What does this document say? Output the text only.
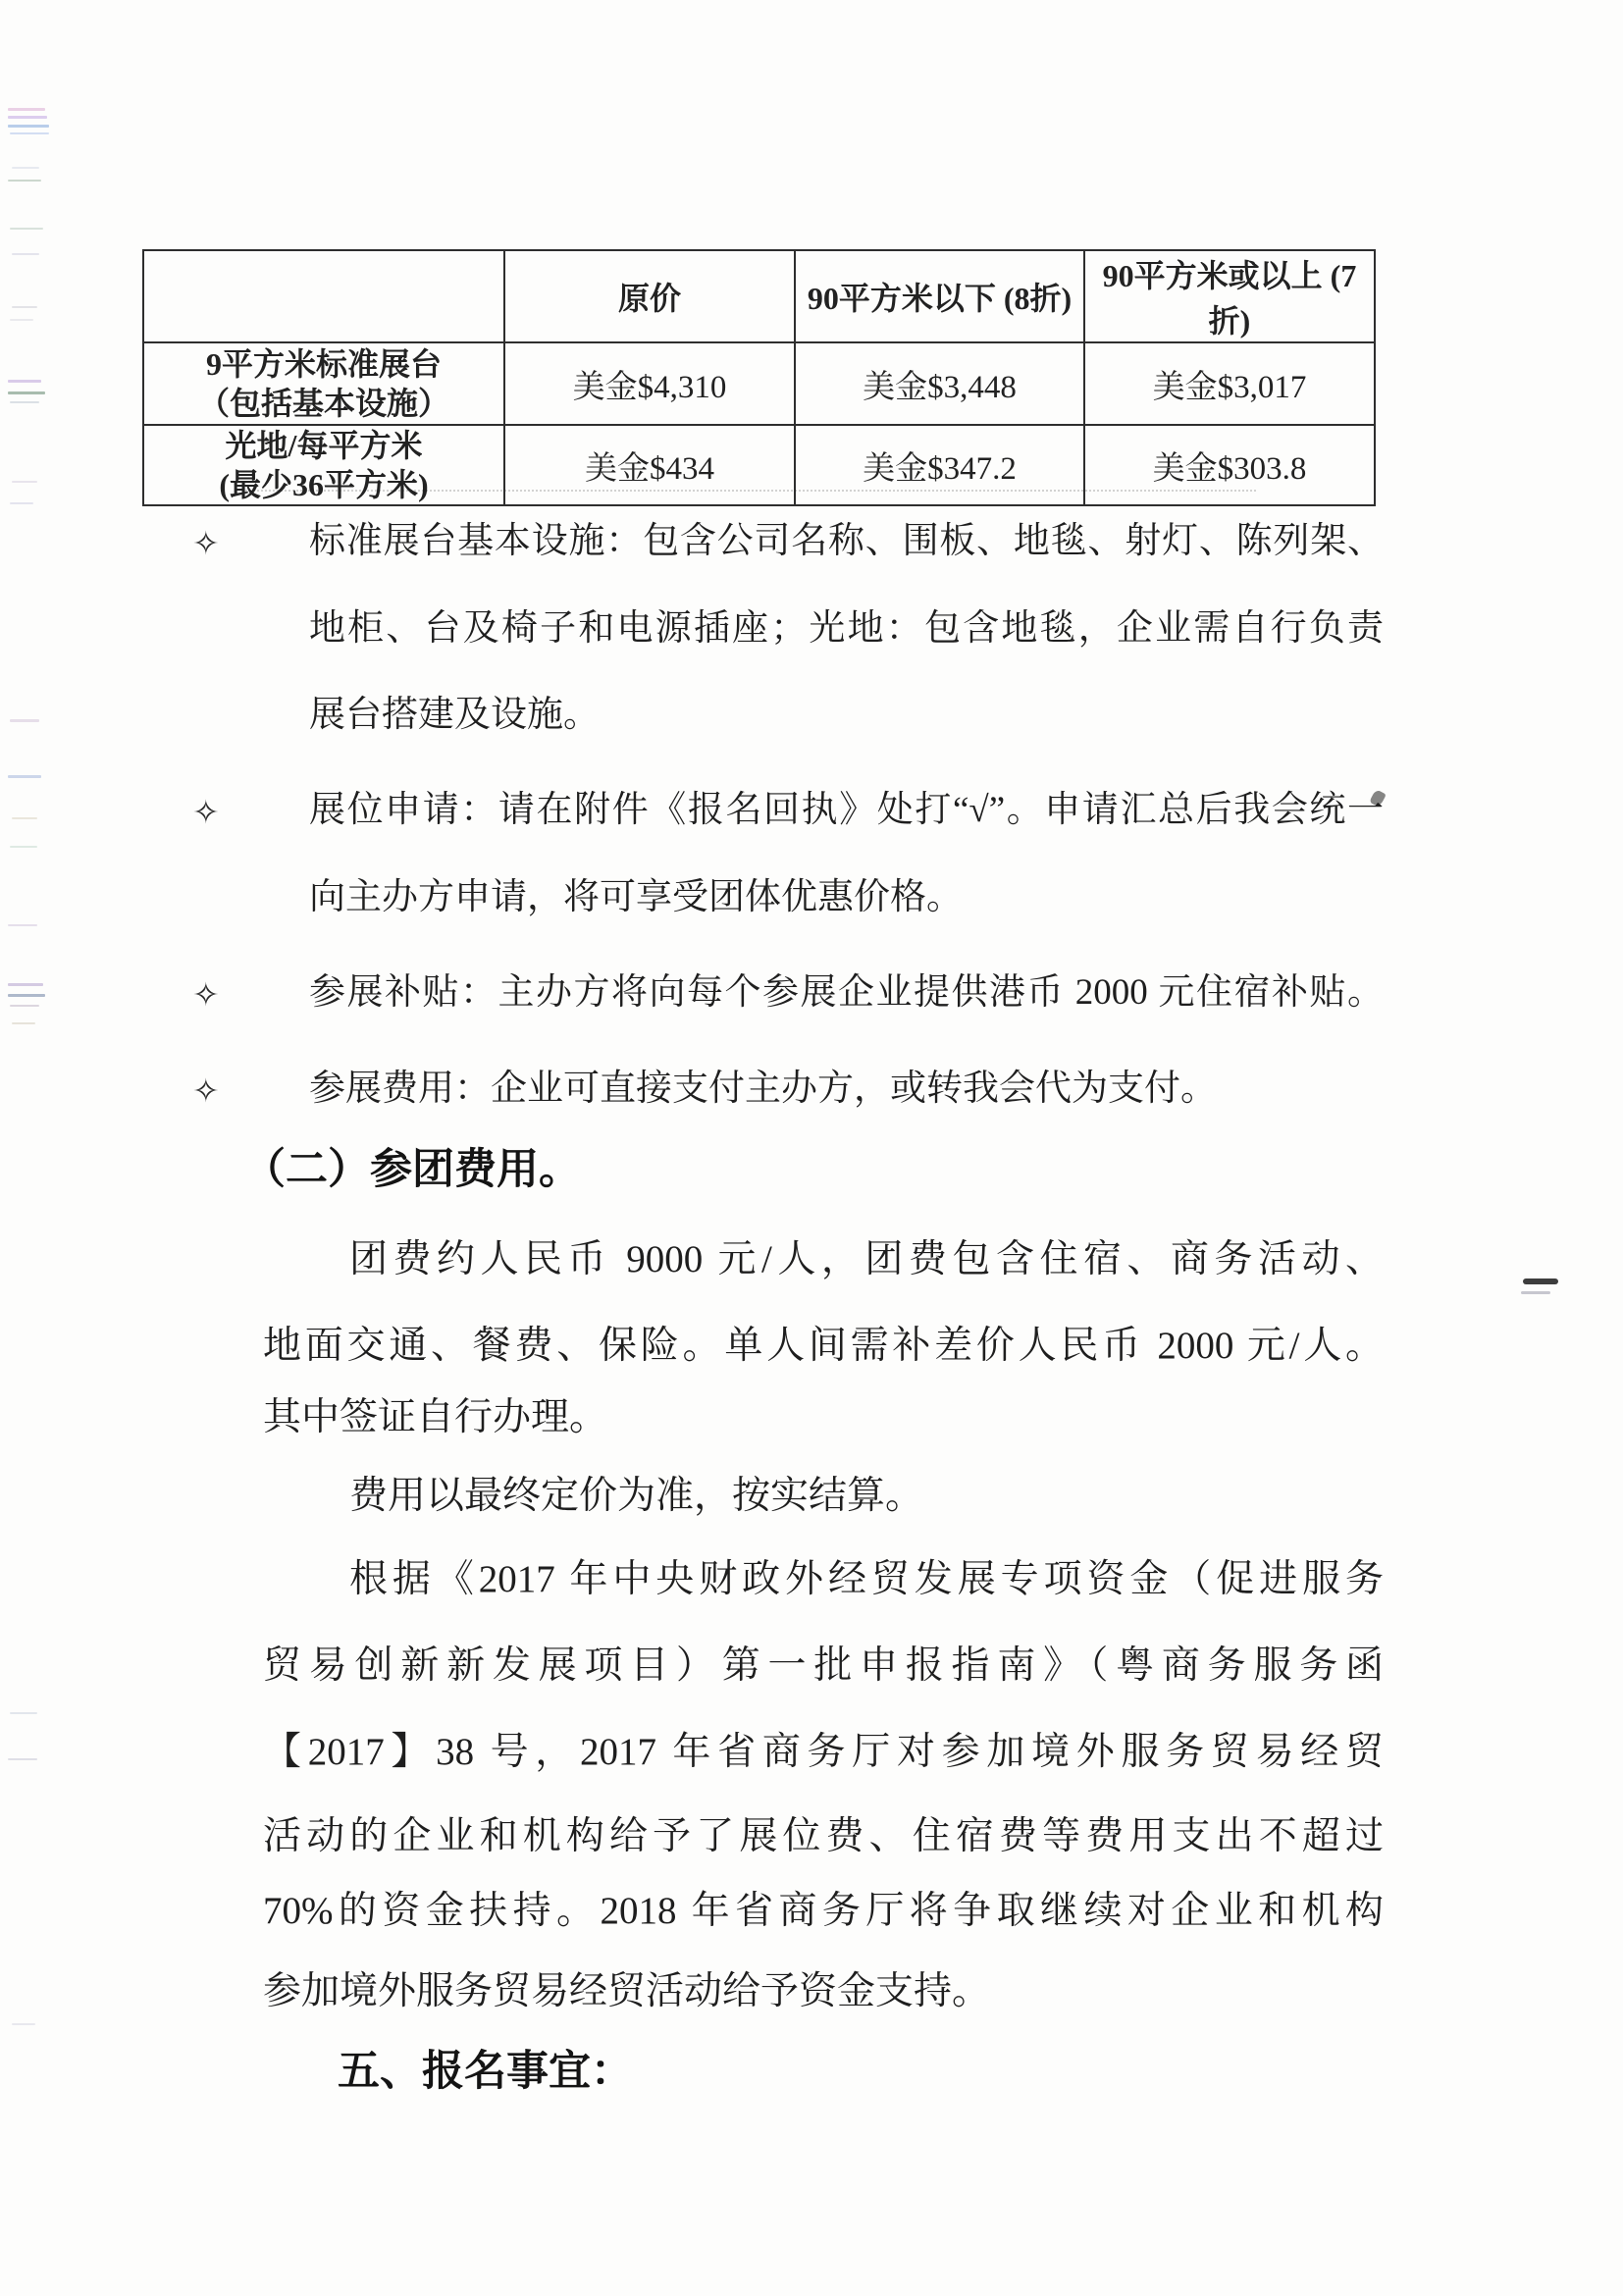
	原价	90平方米以下 (8折)	90平方米或以上 (7折)

9平方米标准展台
（包括基本设施）	美金$4,310	美金$3,448	美金$3,017

光地/每平方米
(最少36平方米)	美金$434	美金$347.2	美金$303.8
✧ 标准展台基本设施：包含公司名称、围板、地毯、射灯、陈列架、
地柜、台及椅子和电源插座；光地：包含地毯，企业需自行负责
展台搭建及设施。
✧ 展位申请：请在附件《报名回执》处打“√”。申请汇总后我会统一
向主办方申请，将可享受团体优惠价格。
✧ 参展补贴：主办方将向每个参展企业提供港币 2000 元住宿补贴。
✧ 参展费用：企业可直接支付主办方，或转我会代为支付。
（二）参团费用。
团费约人民币 9000 元/人，团费包含住宿、商务活动、
地面交通、餐费、保险。单人间需补差价人民币 2000 元/人。
其中签证自行办理。
费用以最终定价为准，按实结算。
根据《2017 年中央财政外经贸发展专项资金（促进服务
贸易创新新发展项目）第一批申报指南》（粤商务服务函
【2017】38 号，2017 年省商务厅对参加境外服务贸易经贸
活动的企业和机构给予了展位费、住宿费等费用支出不超过
70%的资金扶持。2018 年省商务厅将争取继续对企业和机构
参加境外服务贸易经贸活动给予资金支持。
五、报名事宜：
